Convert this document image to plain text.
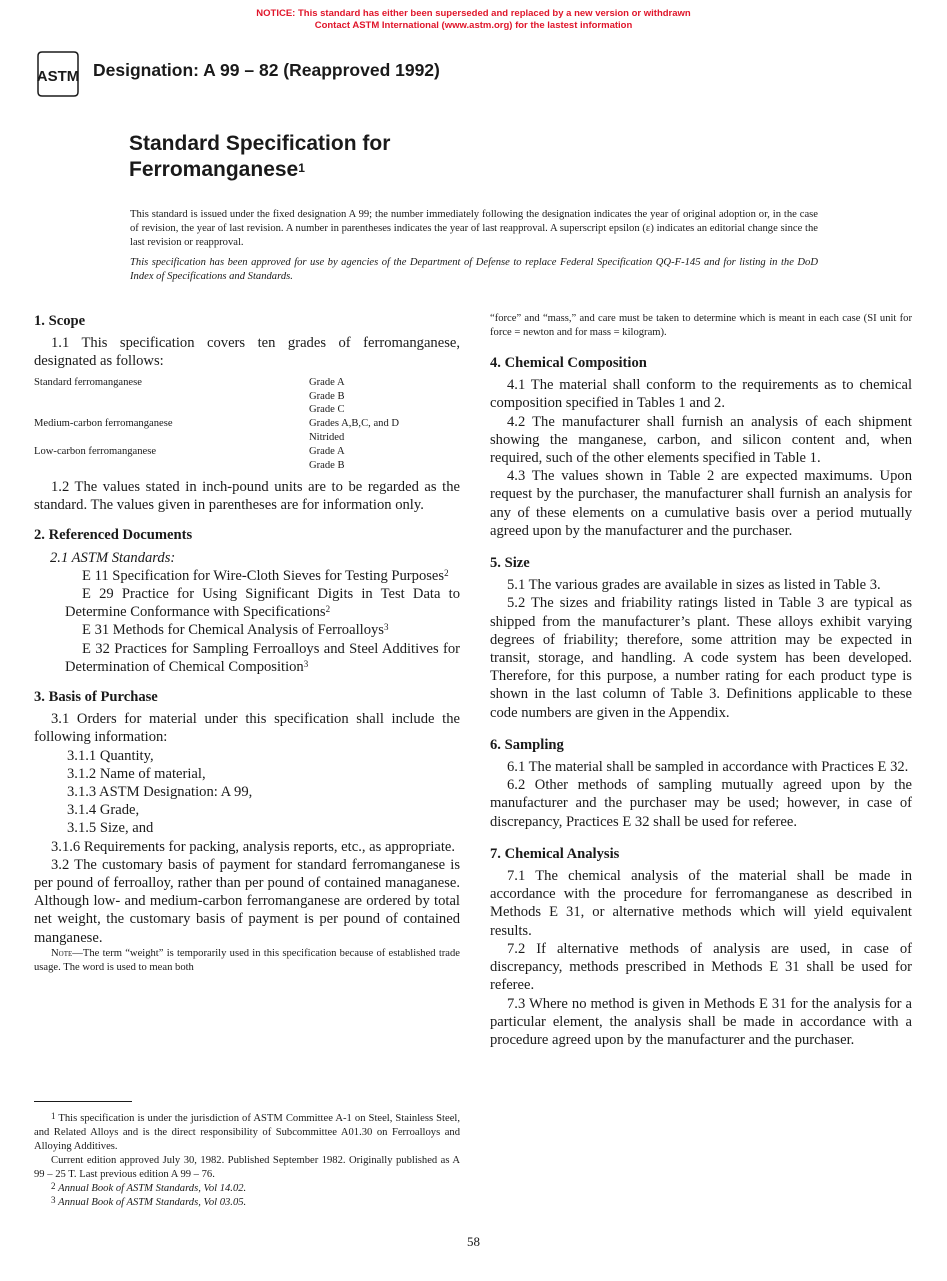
NOTICE: This standard has either been superseded and replaced by a new version or withdrawn
Contact ASTM International (www.astm.org) for the lastest information
ASTM Designation: A 99 – 82 (Reapproved 1992)
Standard Specification for
Ferromanganese$^1$

This standard is issued under the fixed designation A 99; the number immediately following the designation indicates the year of original adoption or, in the case of revision, the year of last revision. A number in parentheses indicates the year of last reapproval. A superscript epsilon (ε) indicates an editorial change since the last revision or reapproval.

This specification has been approved for use by agencies of the Department of Defense to replace Federal Specification QQ-F-145 and for listing in the DoD Index of Specifications and Standards.

1. Scope

1.1 This specification covers ten grades of ferromanganese, designated as follows:

Standard ferromanganese	Grade A
Grade B
Grade C
Medium-carbon ferromanganese	Grades A,B,C, and D
Nitrided
Low-carbon ferromanganese	Grade A
Grade B

1.2 The values stated in inch-pound units are to be regarded as the standard. The values given in parentheses are for information only.

2. Referenced Documents

2.1 ASTM Standards:

E 11 Specification for Wire-Cloth Sieves for Testing Purposes$^2$

E 29 Practice for Using Significant Digits in Test Data to Determine Conformance with Specifications$^2$

E 31 Methods for Chemical Analysis of Ferroalloys$^3$

E 32 Practices for Sampling Ferroalloys and Steel Additives for Determination of Chemical Composition$^3$

3. Basis of Purchase

3.1 Orders for material under this specification shall include the following information:

3.1.1 Quantity,

3.1.2 Name of material,

3.1.3 ASTM Designation: A 99,

3.1.4 Grade,

3.1.5 Size, and

3.1.6 Requirements for packing, analysis reports, etc., as appropriate.

3.2 The customary basis of payment for standard ferromanganese is per pound of ferroalloy, rather than per pound of contained managanese. Although low- and medium-carbon ferromanganese are ordered by total net weight, the customary basis of payment is per pound of contained manganese.

Note—The term “weight” is temporarily used in this specification because of established trade usage. The word is used to mean both

$^1$ This specification is under the jurisdiction of ASTM Committee A-1 on Steel, Stainless Steel, and Related Alloys and is the direct responsibility of Subcommittee A01.30 on Ferroalloys and Alloying Additives.

Current edition approved July 30, 1982. Published September 1982. Originally published as A 99 – 25 T. Last previous edition A 99 – 76.

$^2$ Annual Book of ASTM Standards, Vol 14.02.

$^3$ Annual Book of ASTM Standards, Vol 03.05.

“force” and “mass,” and care must be taken to determine which is meant in each case (SI unit for force = newton and for mass = kilogram).

4. Chemical Composition

4.1 The material shall conform to the requirements as to chemical composition specified in Tables 1 and 2.

4.2 The manufacturer shall furnish an analysis of each shipment showing the manganese, carbon, and silicon content and, when required, such of the other elements specified in Table 1.

4.3 The values shown in Table 2 are expected maximums. Upon request by the purchaser, the manufacturer shall furnish an analysis for any of these elements on a cumulative basis over a period mutually agreed upon by the manufacturer and the purchaser.

5. Size

5.1 The various grades are available in sizes as listed in Table 3.

5.2 The sizes and friability ratings listed in Table 3 are typical as shipped from the manufacturer’s plant. These alloys exhibit varying degrees of friability; therefore, some attrition may be expected in transit, storage, and handling. A code system has been developed. Therefore, for this purpose, a number rating for each product type is shown in the last column of Table 3. Definitions applicable to these code numbers are given in the Appendix.

6. Sampling

6.1 The material shall be sampled in accordance with Practices E 32.

6.2 Other methods of sampling mutually agreed upon by the manufacturer and the purchaser may be used; however, in case of discrepancy, Practices E 32 shall be used for referee.

7. Chemical Analysis

7.1 The chemical analysis of the material shall be made in accordance with the procedure for ferromanganese as described in Methods E 31, or alternative methods which will yield equivalent results.

7.2 If alternative methods of analysis are used, in case of discrepancy, methods prescribed in Methods E 31 shall be used for referee.

7.3 Where no method is given in Methods E 31 for the analysis for a particular element, the analysis shall be made in accordance with a procedure agreed upon by the manufacturer and the purchaser.

58
